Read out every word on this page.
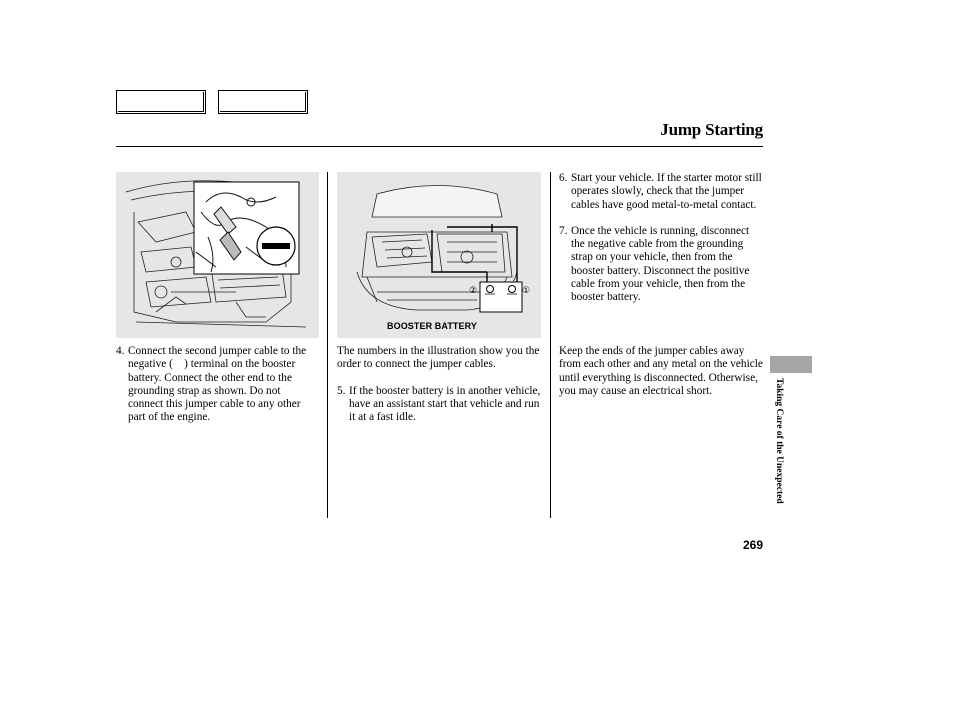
Jump Starting
②	①
BOOSTER BATTERY
4. Connect the second jumper cable to the negative ( ) terminal on the booster battery. Connect the other end to the grounding strap as shown. Do not connect this jumper cable to any other part of the engine.

The numbers in the illustration show you the order to connect the jumper cables.

5. If the booster battery is in another vehicle, have an assistant start that vehicle and run it at a fast idle.
6. Start your vehicle. If the starter motor still operates slowly, check that the jumper cables have good metal-to-metal contact.
7. Once the vehicle is running, disconnect the negative cable from the grounding strap on your vehicle, then from the booster battery. Disconnect the positive cable from your vehicle, then from the booster battery.

Keep the ends of the jumper cables away from each other and any metal on the vehicle until everything is disconnected. Otherwise, you may cause an electrical short.	Taking Care of the Unexpected
269
